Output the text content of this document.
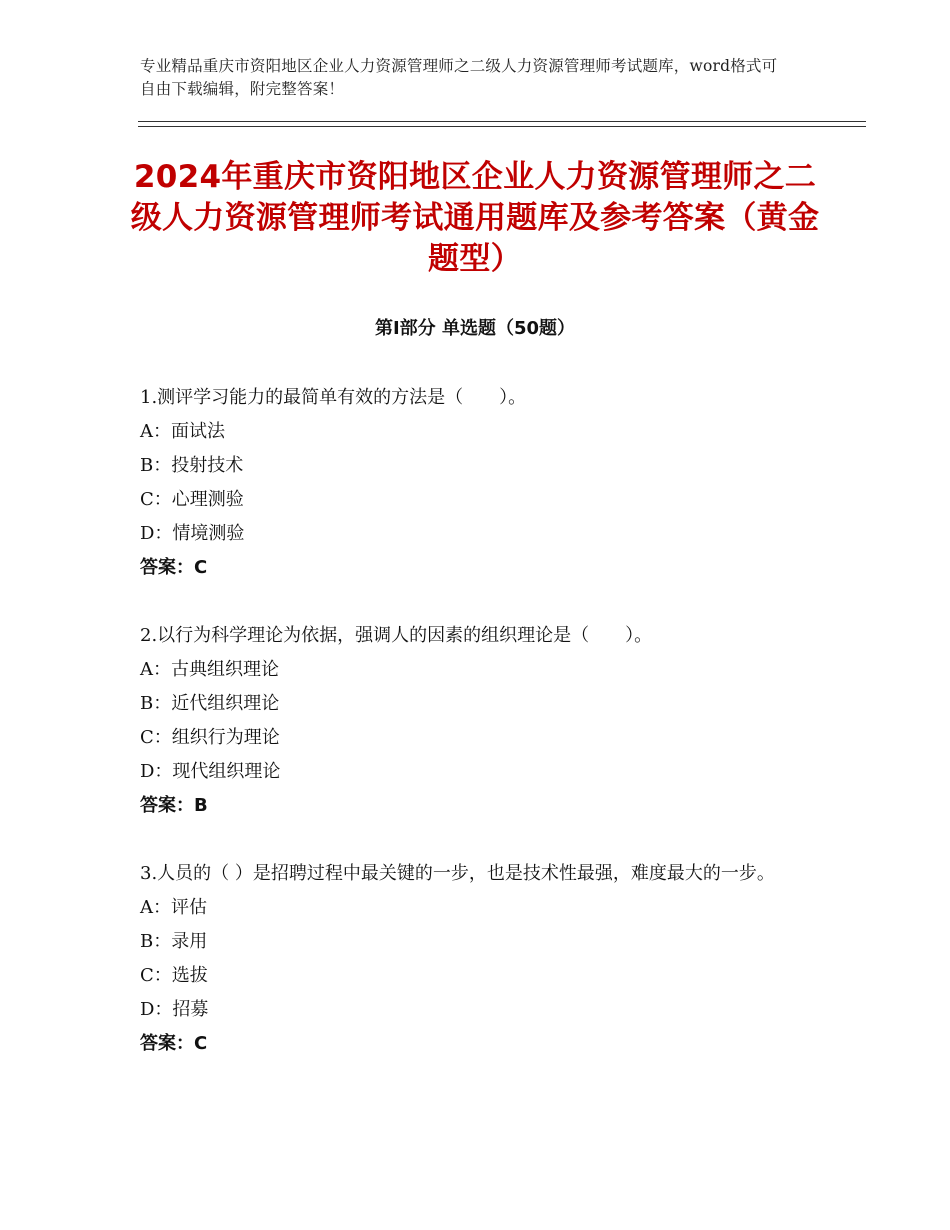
专业精品重庆市资阳地区企业人力资源管理师之二级人力资源管理师考试题库，word格式可自由下载编辑，附完整答案！
2024年重庆市资阳地区企业人力资源管理师之二级人力资源管理师考试通用题库及参考答案（黄金题型）
第Ⅰ部分 单选题（50题）

1.测评学习能力的最简单有效的方法是（　　）。

A：面试法

B：投射技术

C：心理测验

D：情境测验

答案：C

2.以行为科学理论为依据，强调人的因素的组织理论是（　　）。

A：古典组织理论

B：近代组织理论

C：组织行为理论

D：现代组织理论

答案：B

3.人员的（ ）是招聘过程中最关键的一步，也是技术性最强，难度最大的一步。

A：评估

B：录用

C：选拔

D：招募

答案：C
